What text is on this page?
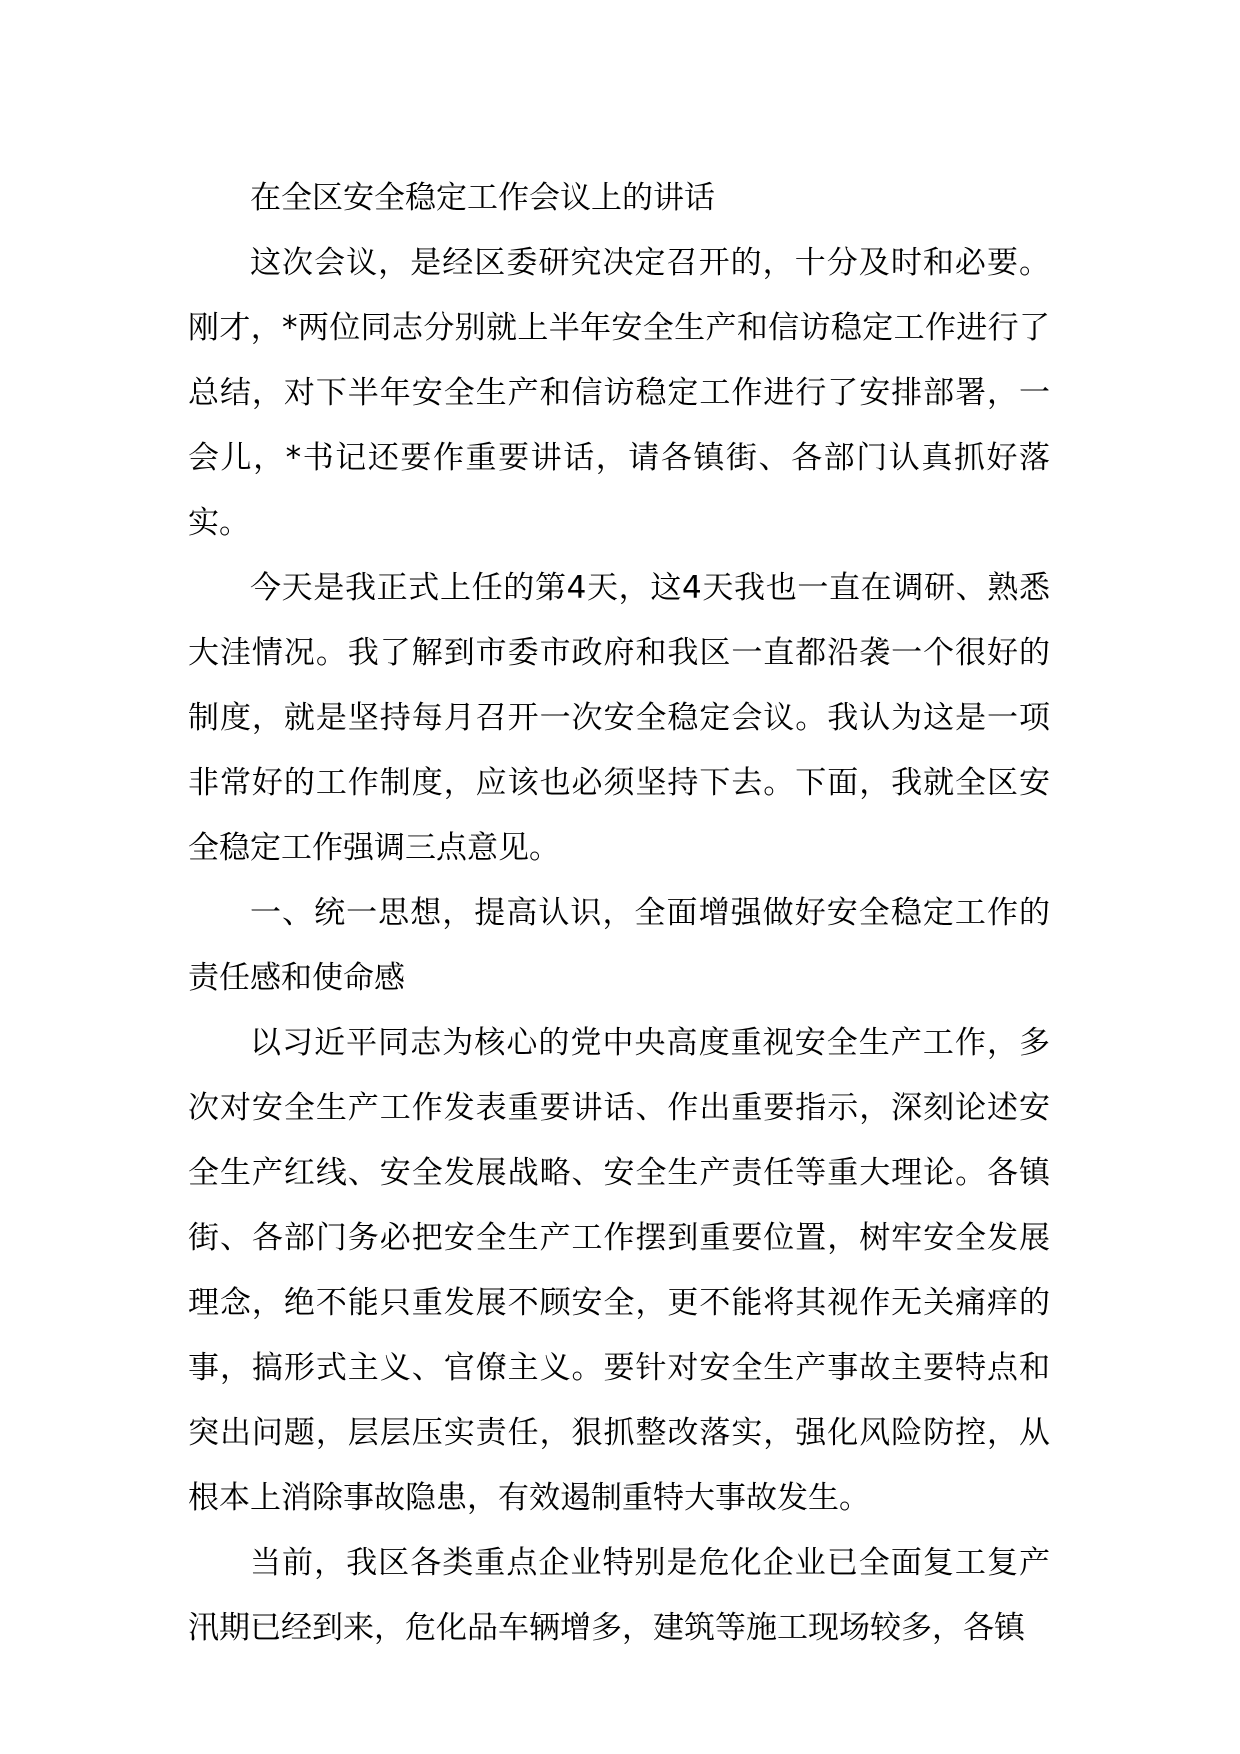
在全区安全稳定工作会议上的讲话

这次会议，是经区委研究决定召开的，十分及时和必要。刚才，*两位同志分别就上半年安全生产和信访稳定工作进行了总结，对下半年安全生产和信访稳定工作进行了安排部署，一会儿，*书记还要作重要讲话，请各镇街、各部门认真抓好落实。

今天是我正式上任的第4天，这4天我也一直在调研、熟悉大洼情况。我了解到市委市政府和我区一直都沿袭一个很好的制度，就是坚持每月召开一次安全稳定会议。我认为这是一项非常好的工作制度，应该也必须坚持下去。下面，我就全区安全稳定工作强调三点意见。

一、统一思想，提高认识，全面增强做好安全稳定工作的责任感和使命感

以习近平同志为核心的党中央高度重视安全生产工作，多次对安全生产工作发表重要讲话、作出重要指示，深刻论述安全生产红线、安全发展战略、安全生产责任等重大理论。各镇街、各部门务必把安全生产工作摆到重要位置，树牢安全发展理念，绝不能只重发展不顾安全，更不能将其视作无关痛痒的事，搞形式主义、官僚主义。要针对安全生产事故主要特点和突出问题，层层压实责任，狠抓整改落实，强化风险防控，从根本上消除事故隐患，有效遏制重特大事故发生。

当前，我区各类重点企业特别是危化企业已全面复工复产汛期已经到来，危化品车辆增多，建筑等施工现场较多，各镇
